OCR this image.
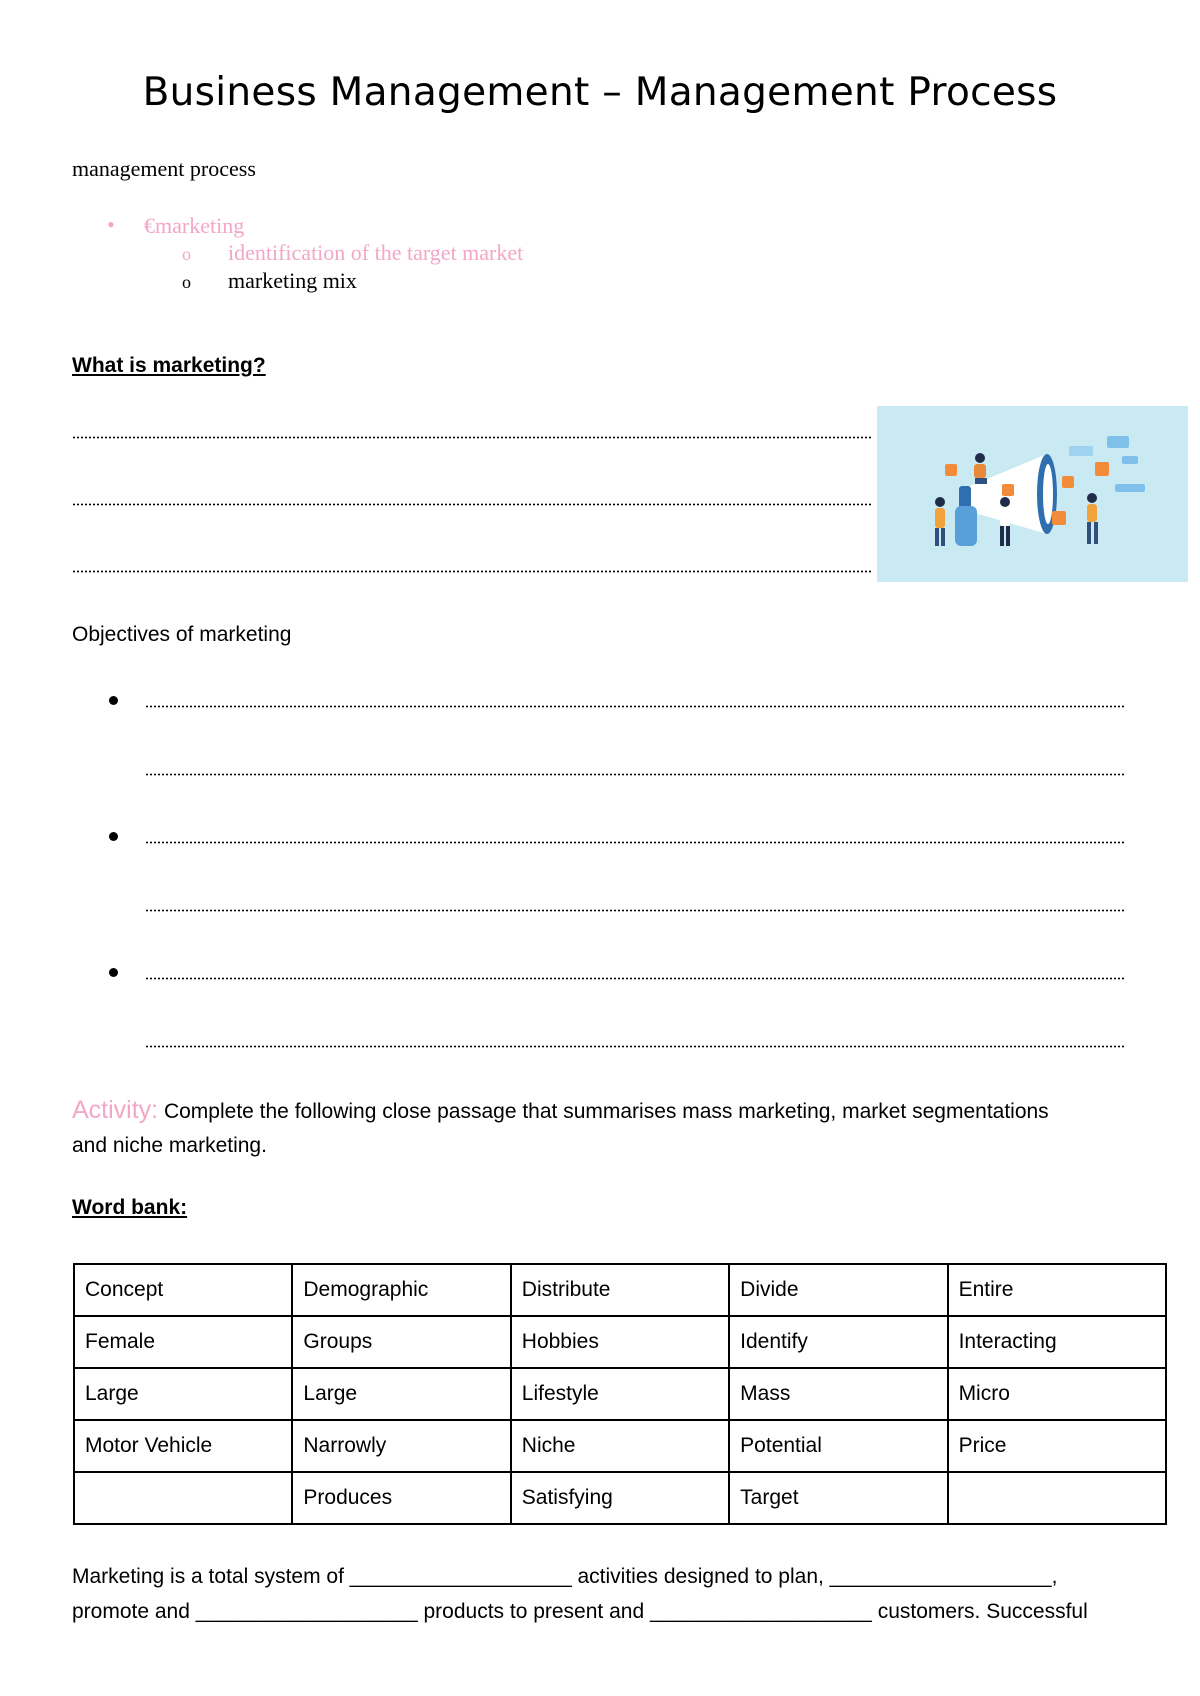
Business Management – Management Process
management process
• €marketing
o identification of the target market
o marketing mix
What is marketing?
Objectives of marketing
Activity: Complete the following close passage that summarises mass marketing, market segmentations
and niche marketing.
Word bank:
Concept	Demographic	Distribute	Divide	Entire
Female	Groups	Hobbies	Identify	Interacting
Large	Large	Lifestyle	Mass	Micro
Motor Vehicle	Narrowly	Niche	Potential	Price
	Produces	Satisfying	Target	
Marketing is a total system of ___________________ activities designed to plan, ___________________,
promote and ___________________ products to present and ___________________ customers. Successful
